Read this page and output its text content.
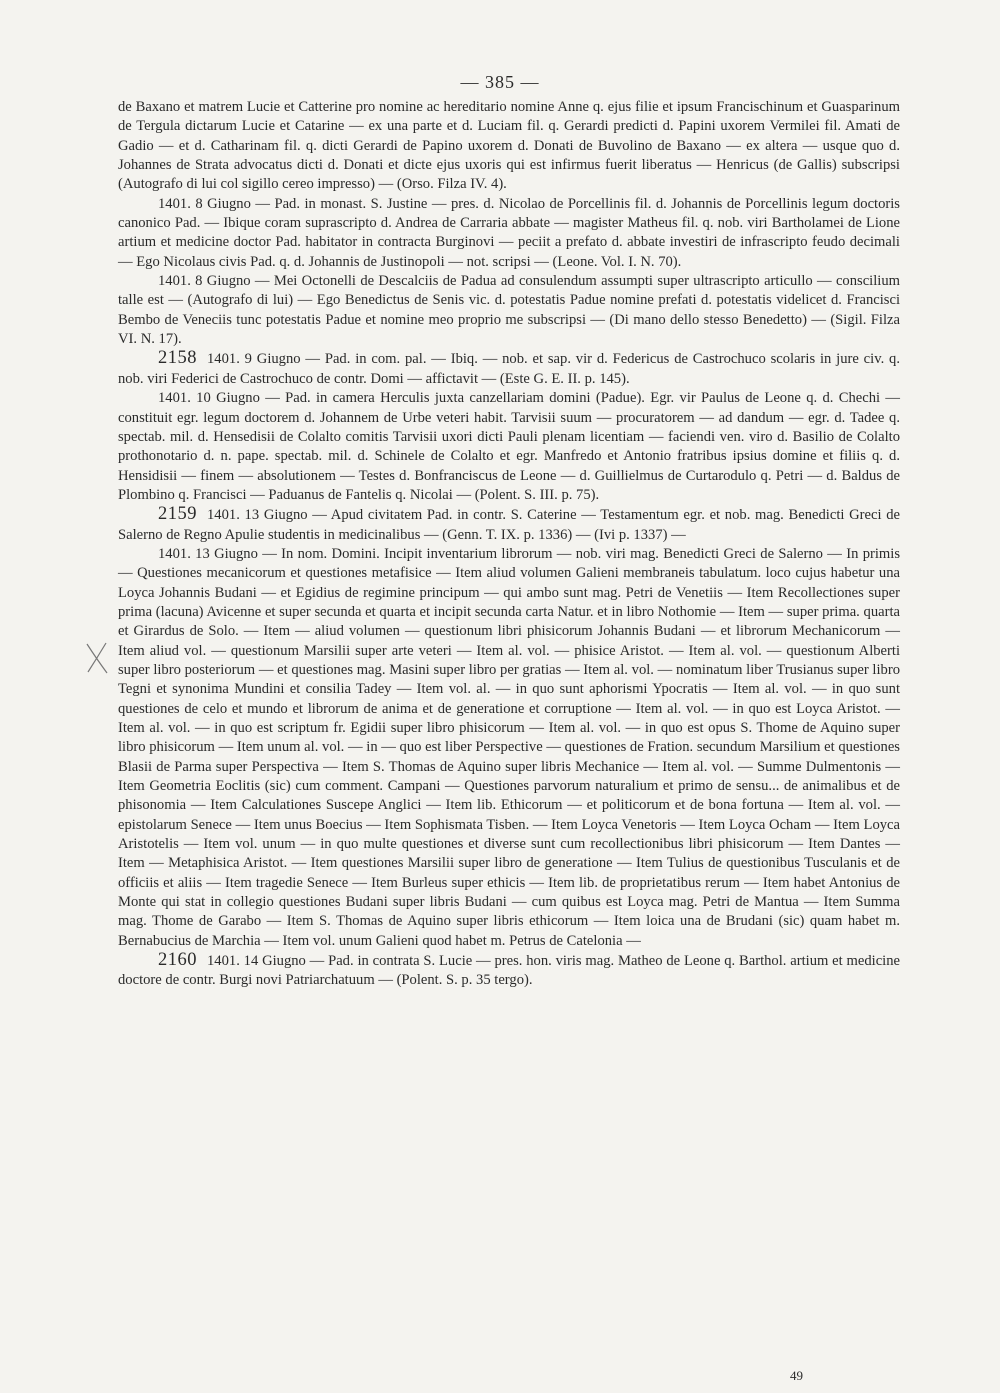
— 385 —

de Baxano et matrem Lucie et Catterine pro nomine ac hereditario nomine Anne q. ejus filie et ipsum Francischinum et Guasparinum de Tergula dictarum Lucie et Catarine — ex una parte et d. Luciam fil. q. Gerardi predicti d. Papini uxorem Vermilei fil. Amati de Gadio — et d. Catharinam fil. q. dicti Gerardi de Papino uxorem d. Donati de Buvolino de Baxano — ex altera — usque quo d. Johannes de Strata advocatus dicti d. Donati et dicte ejus uxoris qui est infirmus fuerit liberatus — Henricus (de Gallis) subscripsi (Autografo di lui col sigillo cereo impresso) — (Orso. Filza IV. 4).

1401. 8 Giugno — Pad. in monast. S. Justine — pres. d. Nicolao de Porcellinis fil. d. Johannis de Porcellinis legum doctoris canonico Pad. — Ibique coram suprascripto d. Andrea de Carraria abbate — magister Matheus fil. q. nob. viri Bartholamei de Lione artium et medicine doctor Pad. habitator in contracta Burginovi — peciit a prefato d. abbate investiri de infrascripto feudo decimali — Ego Nicolaus civis Pad. q. d. Johannis de Justinopoli — not. scripsi — (Leone. Vol. I. N. 70).

1401. 8 Giugno — Mei Octonelli de Descalciis de Padua ad consulendum assumpti super ultrascripto articullo — conscilium talle est — (Autografo di lui) — Ego Benedictus de Senis vic. d. potestatis Padue nomine prefati d. potestatis videlicet d. Francisci Bembo de Veneciis tunc potestatis Padue et nomine meo proprio me subscripsi — (Di mano dello stesso Benedetto) — (Sigil. Filza VI. N. 17).

2158 1401. 9 Giugno — Pad. in com. pal. — Ibiq. — nob. et sap. vir d. Federicus de Castrochuco scolaris in jure civ. q. nob. viri Federici de Castrochuco de contr. Domi — affictavit — (Este G. E. II. p. 145).

1401. 10 Giugno — Pad. in camera Herculis juxta canzellariam domini (Padue). Egr. vir Paulus de Leone q. d. Chechi — constituit egr. legum doctorem d. Johannem de Urbe veteri habit. Tarvisii suum — procuratorem — ad dandum — egr. d. Tadee q. spectab. mil. d. Hensedisii de Colalto comitis Tarvisii uxori dicti Pauli plenam licentiam — faciendi ven. viro d. Basilio de Colalto prothonotario d. n. pape. spectab. mil. d. Schinele de Colalto et egr. Manfredo et Antonio fratribus ipsius domine et filiis q. d. Hensidisii — finem — absolutionem — Testes d. Bonfranciscus de Leone — d. Guillielmus de Curtarodulo q. Petri — d. Baldus de Plombino q. Francisci — Paduanus de Fantelis q. Nicolai — (Polent. S. III. p. 75).

2159 1401. 13 Giugno — Apud civitatem Pad. in contr. S. Caterine — Testamentum egr. et nob. mag. Benedicti Greci de Salerno de Regno Apulie studentis in medicinalibus — (Genn. T. IX. p. 1336) — (Ivi p. 1337) —

1401. 13 Giugno — In nom. Domini. Incipit inventarium librorum — nob. viri mag. Benedicti Greci de Salerno — In primis — Questiones mecanicorum et questiones metafisice — Item aliud volumen Galieni membraneis tabulatum. loco cujus habetur una Loyca Johannis Budani — et Egidius de regimine principum — qui ambo sunt mag. Petri de Venetiis — Item Recollectiones super prima (lacuna) Avicenne et super secunda et quarta et incipit secunda carta Natur. et in libro Nothomie — Item — super prima. quarta et Girardus de Solo. — Item — aliud volumen — questionum libri phisicorum Johannis Budani — et librorum Mechanicorum — Item aliud vol. — questionum Marsilii super arte veteri — Item al. vol. — phisice Aristot. — Item al. vol. — questionum Alberti super libro posteriorum — et questiones mag. Masini super libro per gratias — Item al. vol. — nominatum liber Trusianus super libro Tegni et synonima Mundini et consilia Tadey — Item vol. al. — in quo sunt aphorismi Ypocratis — Item al. vol. — in quo sunt questiones de celo et mundo et librorum de anima et de generatione et corruptione — Item al. vol. — in quo est Loyca Aristot. — Item al. vol. — in quo est scriptum fr. Egidii super libro phisicorum — Item al. vol. — in quo est opus S. Thome de Aquino super libro phisicorum — Item unum al. vol. — in — quo est liber Perspective — questiones de Fration. secundum Marsilium et questiones Blasii de Parma super Perspectiva — Item S. Thomas de Aquino super libris Mechanice — Item al. vol. — Summe Dulmentonis — Item Geometria Eoclitis (sic) cum comment. Campani — Questiones parvorum naturalium et primo de sensu... de animalibus et de phisonomia — Item Calculationes Suscepe Anglici — Item lib. Ethicorum — et politicorum et de bona fortuna — Item al. vol. — epistolarum Senece — Item unus Boecius — Item Sophismata Tisben. — Item Loyca Venetoris — Item Loyca Ocham — Item Loyca Aristotelis — Item vol. unum — in quo multe questiones et diverse sunt cum recollectionibus libri phisicorum — Item Dantes — Item — Metaphisica Aristot. — Item questiones Marsilii super libro de generatione — Item Tulius de questionibus Tusculanis et de officiis et aliis — Item tragedie Senece — Item Burleus super ethicis — Item lib. de proprietatibus rerum — Item habet Antonius de Monte qui stat in collegio questiones Budani super libris Budani — cum quibus est Loyca mag. Petri de Mantua — Item Summa mag. Thome de Garabo — Item S. Thomas de Aquino super libris ethicorum — Item loica una de Brudani (sic) quam habet m. Bernabucius de Marchia — Item vol. unum Galieni quod habet m. Petrus de Catelonia —

2160 1401. 14 Giugno — Pad. in contrata S. Lucie — pres. hon. viris mag. Matheo de Leone q. Barthol. artium et medicine doctore de contr. Burgi novi Patriarchatuum — (Polent. S. p. 35 tergo).

49
